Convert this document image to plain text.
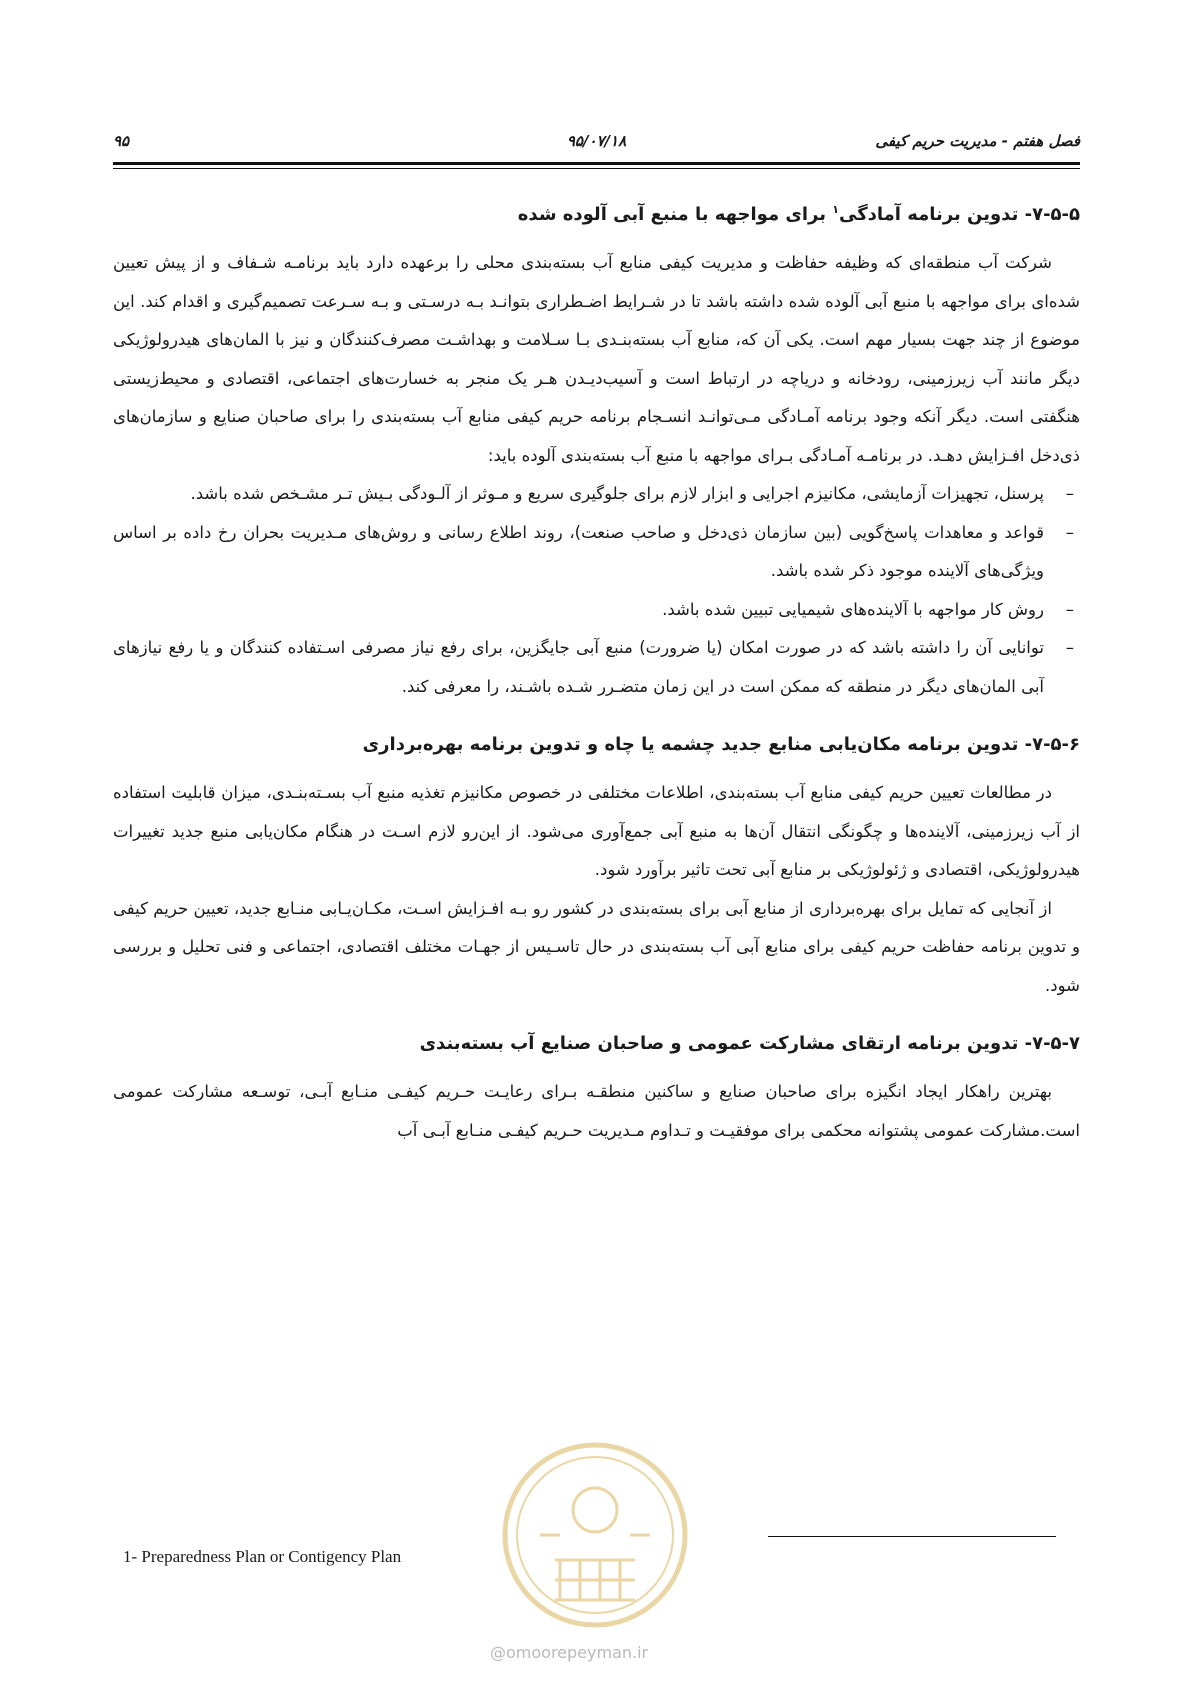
فصل هفتم - مدیریت حریم کیفی
۹۵/۰۷/۱۸
۹۵
۷-۵-۵- تدوین برنامه آمادگی$^۱$ برای مواجهه با منبع آبی آلوده شده

شرکت آب منطقه‌ای که وظیفه حفاظت و مدیریت کیفی منابع آب بسته‌بندی محلی را برعهده دارد باید برنامـه شـفاف و از پیش تعیین شده‌ای برای مواجهه با منبع آبی آلوده شده داشته باشد تا در شـرایط اضـطراری بتوانـد بـه درسـتی و بـه سـرعت تصمیم‌گیری و اقدام کند. این موضوع از چند جهت بسیار مهم است. یکی آن که، منابع آب بسته‌بنـدی بـا سـلامت و بهداشـت مصرف‌کنندگان و نیز با المان‌های هیدرولوژیکی دیگر مانند آب زیرزمینی، رودخانه و دریاچه در ارتباط است و آسیب‌دیـدن هـر یک منجر به خسارت‌های اجتماعی، اقتصادی و محیط‌زیستی هنگفتی است. دیگر آنکه وجود برنامه آمـادگی مـی‌توانـد انسـجام برنامه حریم کیفی منابع آب بسته‌بندی را برای صاحبان صنایع و سازمان‌های ذی‌دخل افـزایش دهـد. در برنامـه آمـادگی بـرای مواجهه با منبع آب بسته‌بندی آلوده باید:

–
پرسنل، تجهیزات آزمایشی، مکانیزم اجرایی و ابزار لازم برای جلوگیری سریع و مـوثر از آلـودگی بـیش تـر مشـخص شده باشد.
–
قواعد و معاهدات پاسخ‌گویی (بین سازمان ذی‌دخل و صاحب صنعت)، روند اطلاع رسانی و روش‌های مـدیریت بحران رخ داده بر اساس ویژگی‌های آلاینده موجود ذکر شده باشد.
–
روش کار مواجهه با آلاینده‌های شیمیایی تبیین شده باشد.
–
توانایی آن را داشته باشد که در صورت امکان (یا ضرورت) منبع آبی جایگزین، برای رفع نیاز مصرفی اسـتفاده کنندگان و یا رفع نیازهای آبی المان‌های دیگر در منطقه که ممکن است در این زمان متضـرر شـده باشـند، را معرفی کند.
۷-۵-۶- تدوین برنامه مکان‌یابی منابع جدید چشمه یا چاه و تدوین برنامه بهره‌برداری

در مطالعات تعیین حریم کیفی منابع آب بسته‌بندی، اطلاعات مختلفی در خصوص مکانیزم تغذیه منبع آب بسـته‌بنـدی، میزان قابلیت استفاده از آب زیرزمینی، آلاینده‌ها و چگونگی انتقال آن‌ها به منبع آبی جمع‌آوری می‌شود. از این‌رو لازم اسـت در هنگام مکان‌یابی منبع جدید تغییرات هیدرولوژیکی، اقتصادی و ژئولوژیکی بر منابع آبی تحت تاثیر برآورد شود.

از آنجایی که تمایل برای بهره‌برداری از منابع آبی برای بسته‌بندی در کشور رو بـه افـزایش اسـت، مکـان‌یـابی منـابع جدید، تعیین حریم کیفی و تدوین برنامه حفاظت حریم کیفی برای منابع آبی آب بسته‌بندی در حال تاسـیس از جهـات مختلف اقتصادی، اجتماعی و فنی تحلیل و بررسی شود.

۷-۵-۷- تدوین برنامه ارتقای مشارکت عمومی و صاحبان صنایع آب بسته‌بندی

بهترین راهکار ایجاد انگیزه برای صاحبان صنایع و ساکنین منطقـه بـرای رعایـت حـریم کیفـی منـابع آبـی، توسـعه مشارکت عمومی است.مشارکت عمومی پشتوانه محکمی برای موفقیـت و تـداوم مـدیریت حـریم کیفـی منـابع آبـی آب

1- Preparedness Plan or Contigency Plan
@omoorepeyman.ir
